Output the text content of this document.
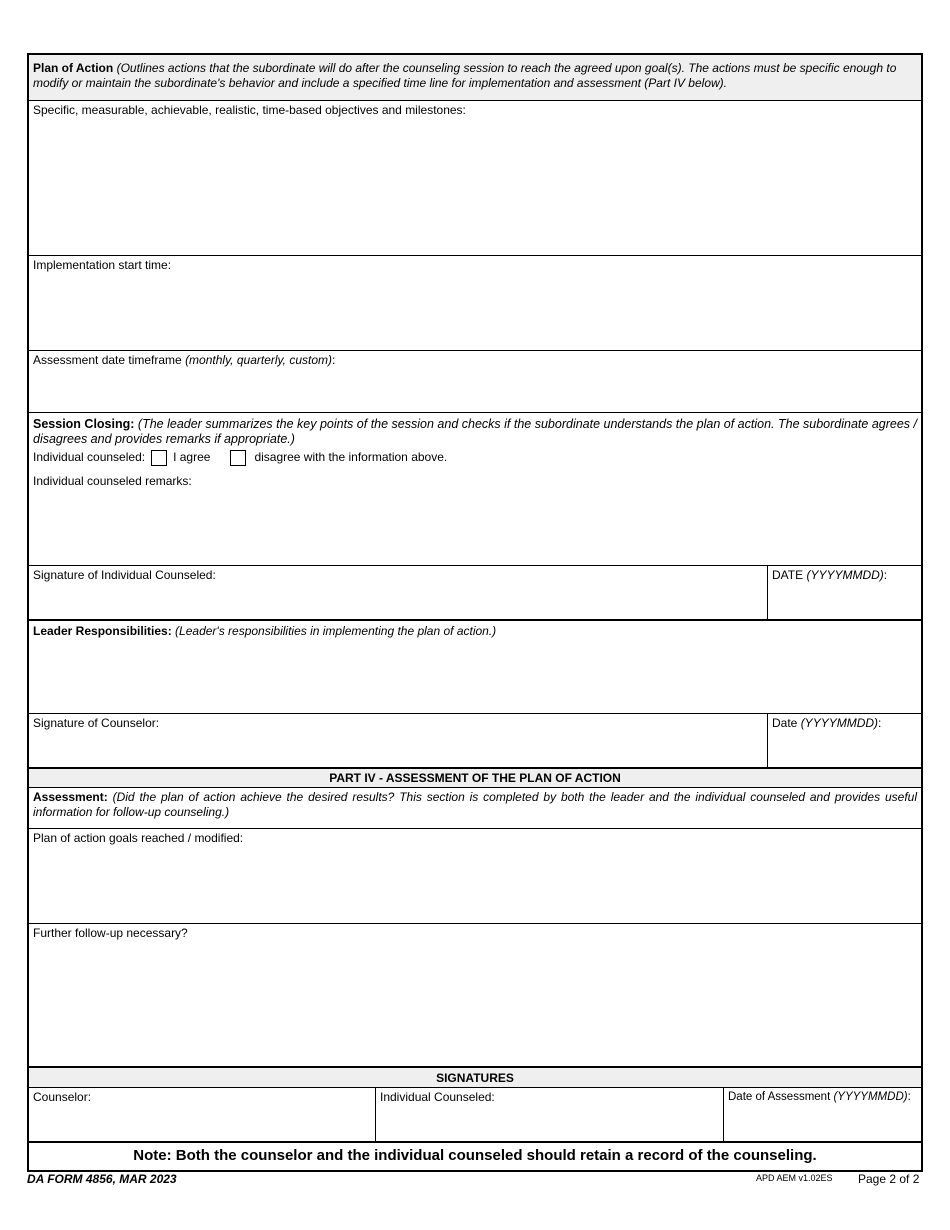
Plan of Action (Outlines actions that the subordinate will do after the counseling session to reach the agreed upon goal(s). The actions must be specific enough to modify or maintain the subordinate's behavior and include a specified time line for implementation and assessment (Part IV below).
Specific, measurable, achievable, realistic, time-based objectives and milestones:
Implementation start time:
Assessment date timeframe (monthly, quarterly, custom):
Session Closing: (The leader summarizes the key points of the session and checks if the subordinate understands the plan of action. The subordinate agrees / disagrees and provides remarks if appropriate.)
Individual counseled: I agree	disagree with the information above.
Individual counseled remarks:
Signature of Individual Counseled:	DATE (YYYYMMDD):
Leader Responsibilities: (Leader's responsibilities in implementing the plan of action.)
Signature of Counselor:	Date (YYYYMMDD):
PART IV - ASSESSMENT OF THE PLAN OF ACTION
Assessment: (Did the plan of action achieve the desired results? This section is completed by both the leader and the individual counseled and provides useful information for follow-up counseling.)
Plan of action goals reached / modified:
Further follow-up necessary?
SIGNATURES
Counselor:	Individual Counseled:	Date of Assessment (YYYYMMDD):
Note: Both the counselor and the individual counseled should retain a record of the counseling.
DA FORM 4856, MAR 2023	APD AEM v1.02ES Page 2 of 2
